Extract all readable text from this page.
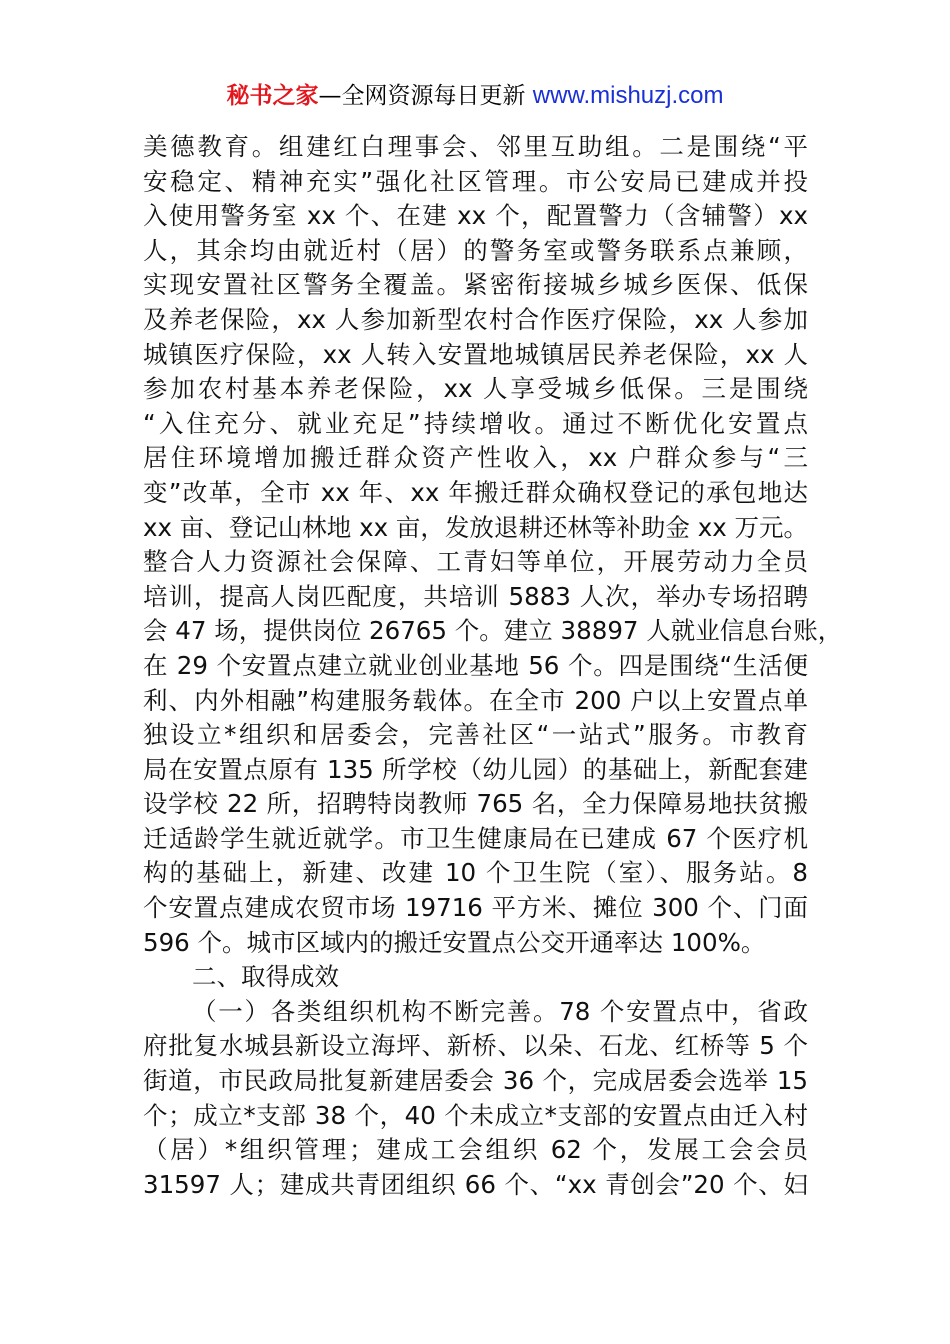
秘书之家—全网资源每日更新 www.mishuzj.com
美德教育。组建红白理事会、邻里互助组。二是围绕“平
安稳定、精神充实”强化社区管理。市公安局已建成并投
入使用警务室 xx 个、在建 xx 个，配置警力（含辅警）xx
人，其余均由就近村（居）的警务室或警务联系点兼顾，
实现安置社区警务全覆盖。紧密衔接城乡城乡医保、低保
及养老保险，xx 人参加新型农村合作医疗保险，xx 人参加
城镇医疗保险，xx 人转入安置地城镇居民养老保险，xx 人
参加农村基本养老保险，xx 人享受城乡低保。三是围绕
“入住充分、就业充足”持续增收。通过不断优化安置点
居住环境增加搬迁群众资产性收入，xx 户群众参与“三
变”改革，全市 xx 年、xx 年搬迁群众确权登记的承包地达
xx 亩、登记山林地 xx 亩，发放退耕还林等补助金 xx 万元。
整合人力资源社会保障、工青妇等单位，开展劳动力全员
培训，提高人岗匹配度，共培训 5883 人次，举办专场招聘
会 47 场，提供岗位 26765 个。建立 38897 人就业信息台账，
在 29 个安置点建立就业创业基地 56 个。四是围绕“生活便
利、内外相融”构建服务载体。在全市 200 户以上安置点单
独设立*组织和居委会，完善社区“一站式”服务。市教育
局在安置点原有 135 所学校（幼儿园）的基础上，新配套建
设学校 22 所，招聘特岗教师 765 名，全力保障易地扶贫搬
迁适龄学生就近就学。市卫生健康局在已建成 67 个医疗机
构的基础上，新建、改建 10 个卫生院（室）、服务站。8
个安置点建成农贸市场 19716 平方米、摊位 300 个、门面
596 个。城市区域内的搬迁安置点公交开通率达 100%。
二、取得成效
（一）各类组织机构不断完善。78 个安置点中，省政
府批复水城县新设立海坪、新桥、以朵、石龙、红桥等 5 个
街道，市民政局批复新建居委会 36 个，完成居委会选举 15
个；成立*支部 38 个，40 个未成立*支部的安置点由迁入村
（居）*组织管理；建成工会组织 62 个，发展工会会员
31597 人；建成共青团组织 66 个、“xx 青创会”20 个、妇
